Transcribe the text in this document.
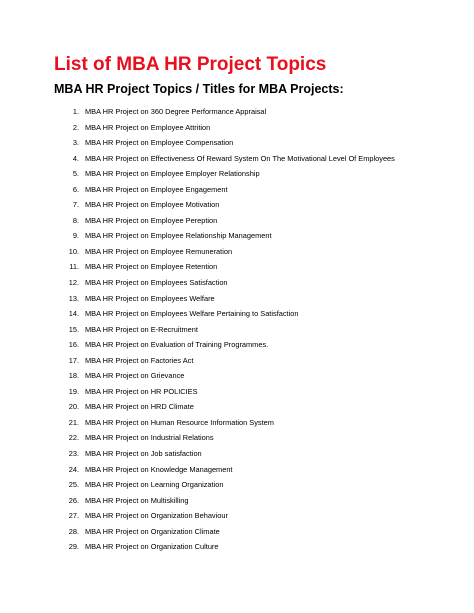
List of MBA HR Project Topics
MBA HR Project Topics / Titles for MBA Projects:
1. MBA HR Project on 360 Degree Performance Appraisal
2. MBA HR Project on Employee Attrition
3. MBA HR Project on Employee Compensation
4. MBA HR Project on Effectiveness Of Reward System On The Motivational Level Of Employees
5. MBA HR Project on Employee Employer Relationship
6. MBA HR Project on Employee Engagement
7. MBA HR Project on Employee Motivation
8. MBA HR Project on Employee Pereption
9. MBA HR Project on Employee Relationship Management
10. MBA HR Project on Employee Remuneration
11. MBA HR Project on Employee Retention
12. MBA HR Project on Employees Satisfaction
13. MBA HR Project on Employees Welfare
14. MBA HR Project on Employees Welfare Pertaining to Satisfaction
15. MBA HR Project on E-Recruitment
16. MBA HR Project on Evaluation of Training Programmes.
17. MBA HR Project on Factories Act
18. MBA HR Project on Grievance
19. MBA HR Project on HR POLICIES
20. MBA HR Project on HRD Climate
21. MBA HR Project on Human Resource Information System
22. MBA HR Project on Industrial Relations
23. MBA HR Project on Job satisfaction
24. MBA HR Project on Knowledge Management
25. MBA HR Project on Learning Organization
26. MBA HR Project on Multiskilling
27. MBA HR Project on Organization Behaviour
28. MBA HR Project on Organization Climate
29. MBA HR Project on Organization Culture
